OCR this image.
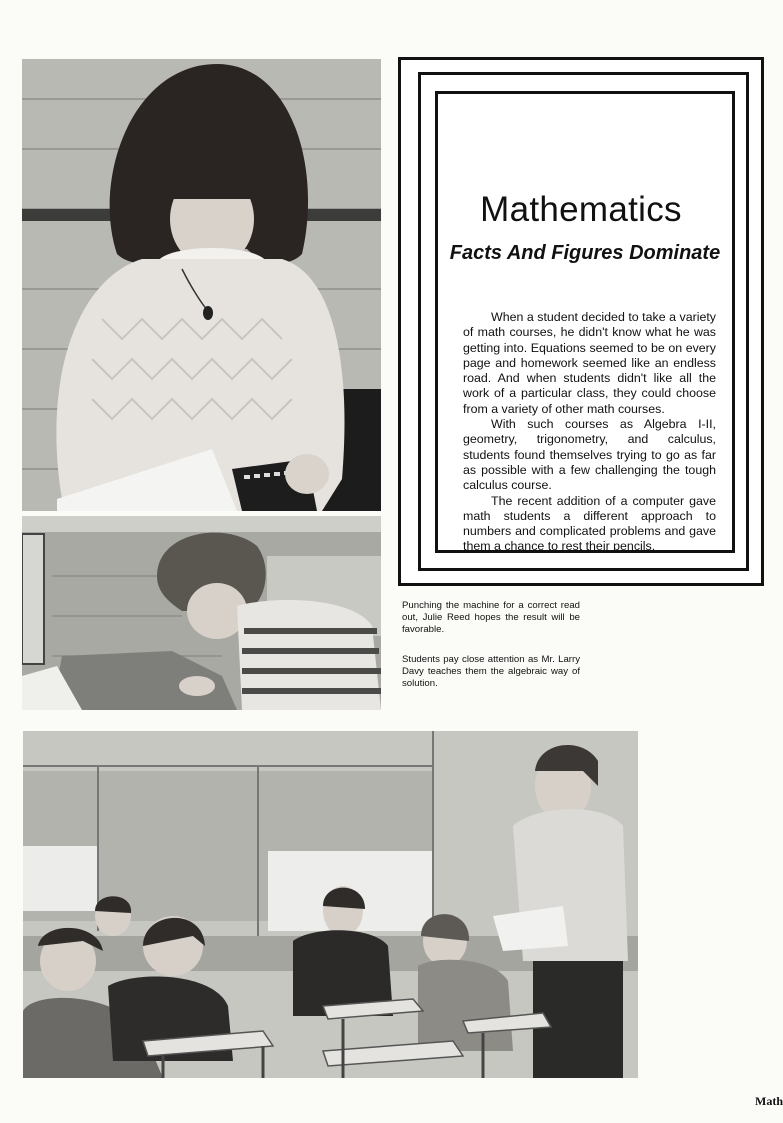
Mathematics
Facts And Figures Dominate

When a student decided to take a variety of math courses, he didn't know what he was getting into. Equations seemed to be on every page and homework seemed like an endless road. And when students didn't like all the work of a particular class, they could choose from a variety of other math courses.

With such courses as Algebra I-II, geometry, trigonometry, and calculus, students found themselves trying to go as far as possible with a few challenging the tough calculus course.

The recent addition of a computer gave math students a different approach to numbers and complicated problems and gave them a chance to rest their pencils.

Punching the machine for a correct read out, Julie Reed hopes the result will be favorable.

Students pay close attention as Mr. Larry Davy teaches them the algebraic way of solution.

Math
